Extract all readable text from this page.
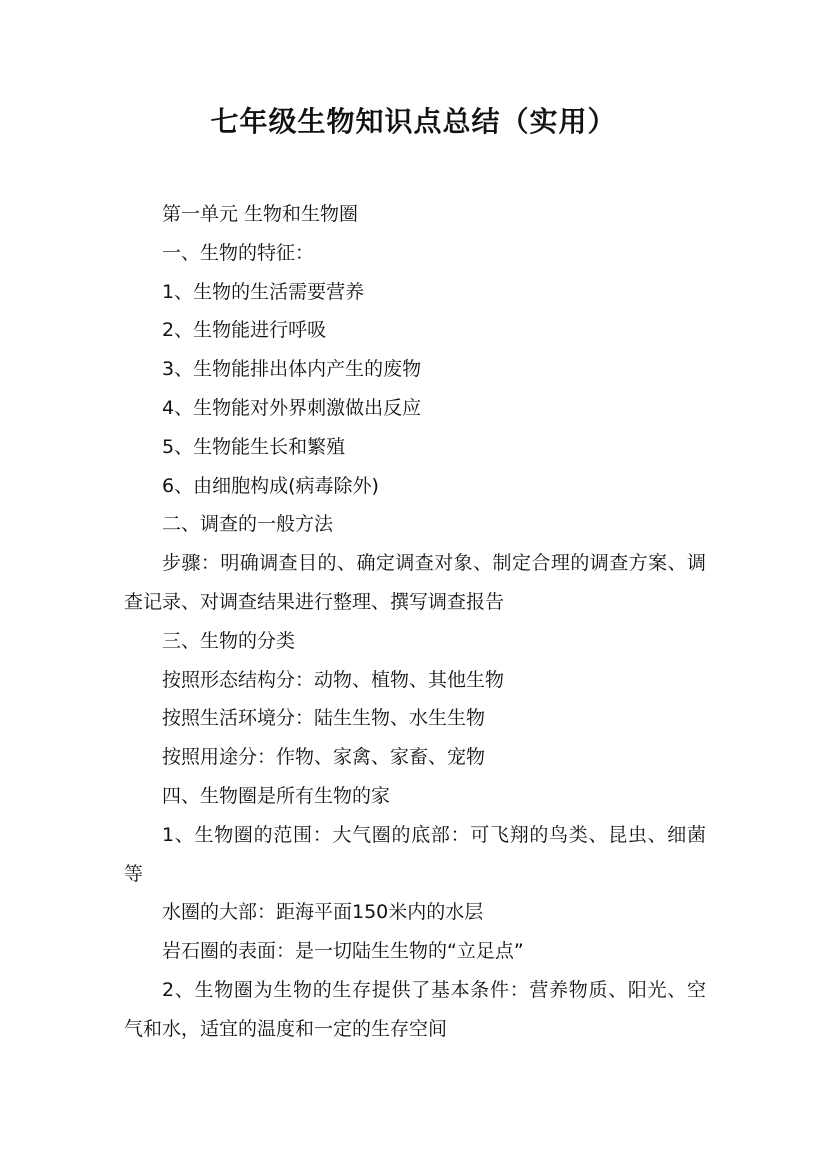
七年级生物知识点总结（实用）

第一单元 生物和生物圈

一、生物的特征：

1、生物的生活需要营养

2、生物能进行呼吸

3、生物能排出体内产生的废物

4、生物能对外界刺激做出反应

5、生物能生长和繁殖

6、由细胞构成(病毒除外)

二、调查的一般方法

步骤：明确调查目的、确定调查对象、制定合理的调查方案、调查记录、对调查结果进行整理、撰写调查报告

三、生物的分类

按照形态结构分：动物、植物、其他生物

按照生活环境分：陆生生物、水生生物

按照用途分：作物、家禽、家畜、宠物

四、生物圈是所有生物的家

1、生物圈的范围：大气圈的底部：可飞翔的鸟类、昆虫、细菌等

水圈的大部：距海平面150米内的水层

岩石圈的表面：是一切陆生生物的“立足点”

2、生物圈为生物的生存提供了基本条件：营养物质、阳光、空气和水，适宜的温度和一定的生存空间
